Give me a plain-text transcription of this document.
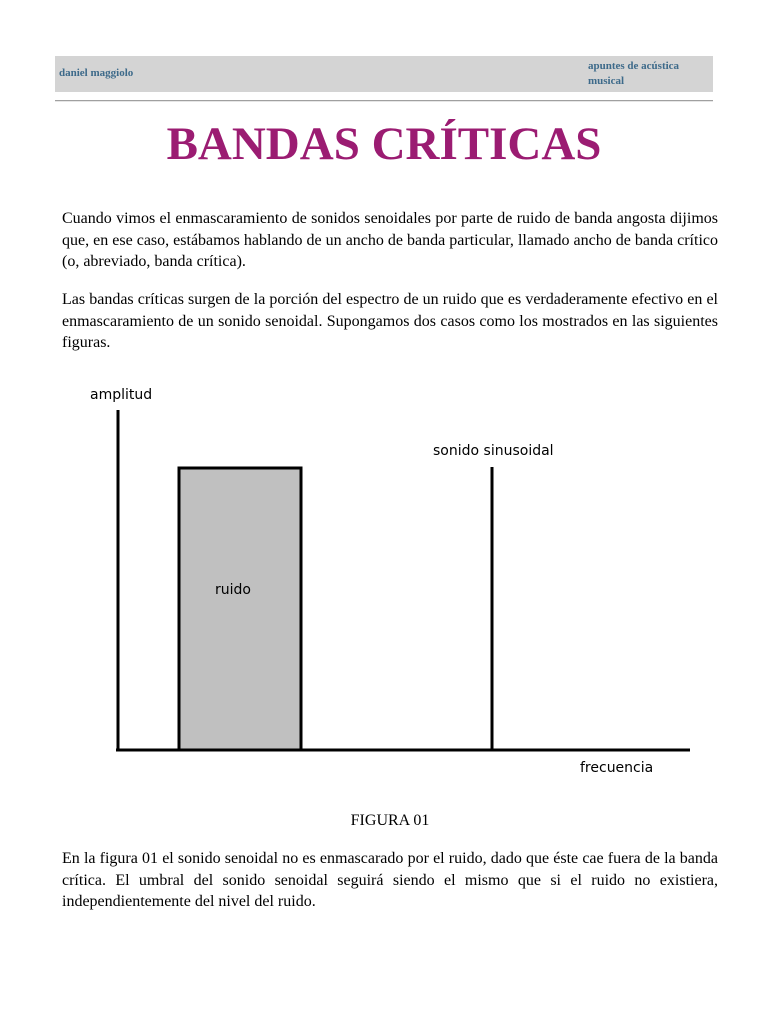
daniel maggiolo
apuntes de acústica musical
BANDAS CRÍTICAS

Cuando vimos el enmascaramiento de sonidos senoidales por parte de ruido de banda angosta dijimos que, en ese caso, estábamos hablando de un ancho de banda particular, llamado ancho de banda crítico (o, abreviado, banda crítica).

Las bandas críticas surgen de la porción del espectro de un ruido que es verdaderamente efectivo en el enmascaramiento de un sonido senoidal. Supongamos dos casos como los mostrados en las siguientes figuras.

amplitud
frecuencia
ruido
sonido sinusoidal

FIGURA 01

En la figura 01 el sonido senoidal no es enmascarado por el ruido, dado que éste cae fuera de la banda crítica. El umbral del sonido senoidal seguirá siendo el mismo que si el ruido no existiera, independientemente del nivel del ruido.
